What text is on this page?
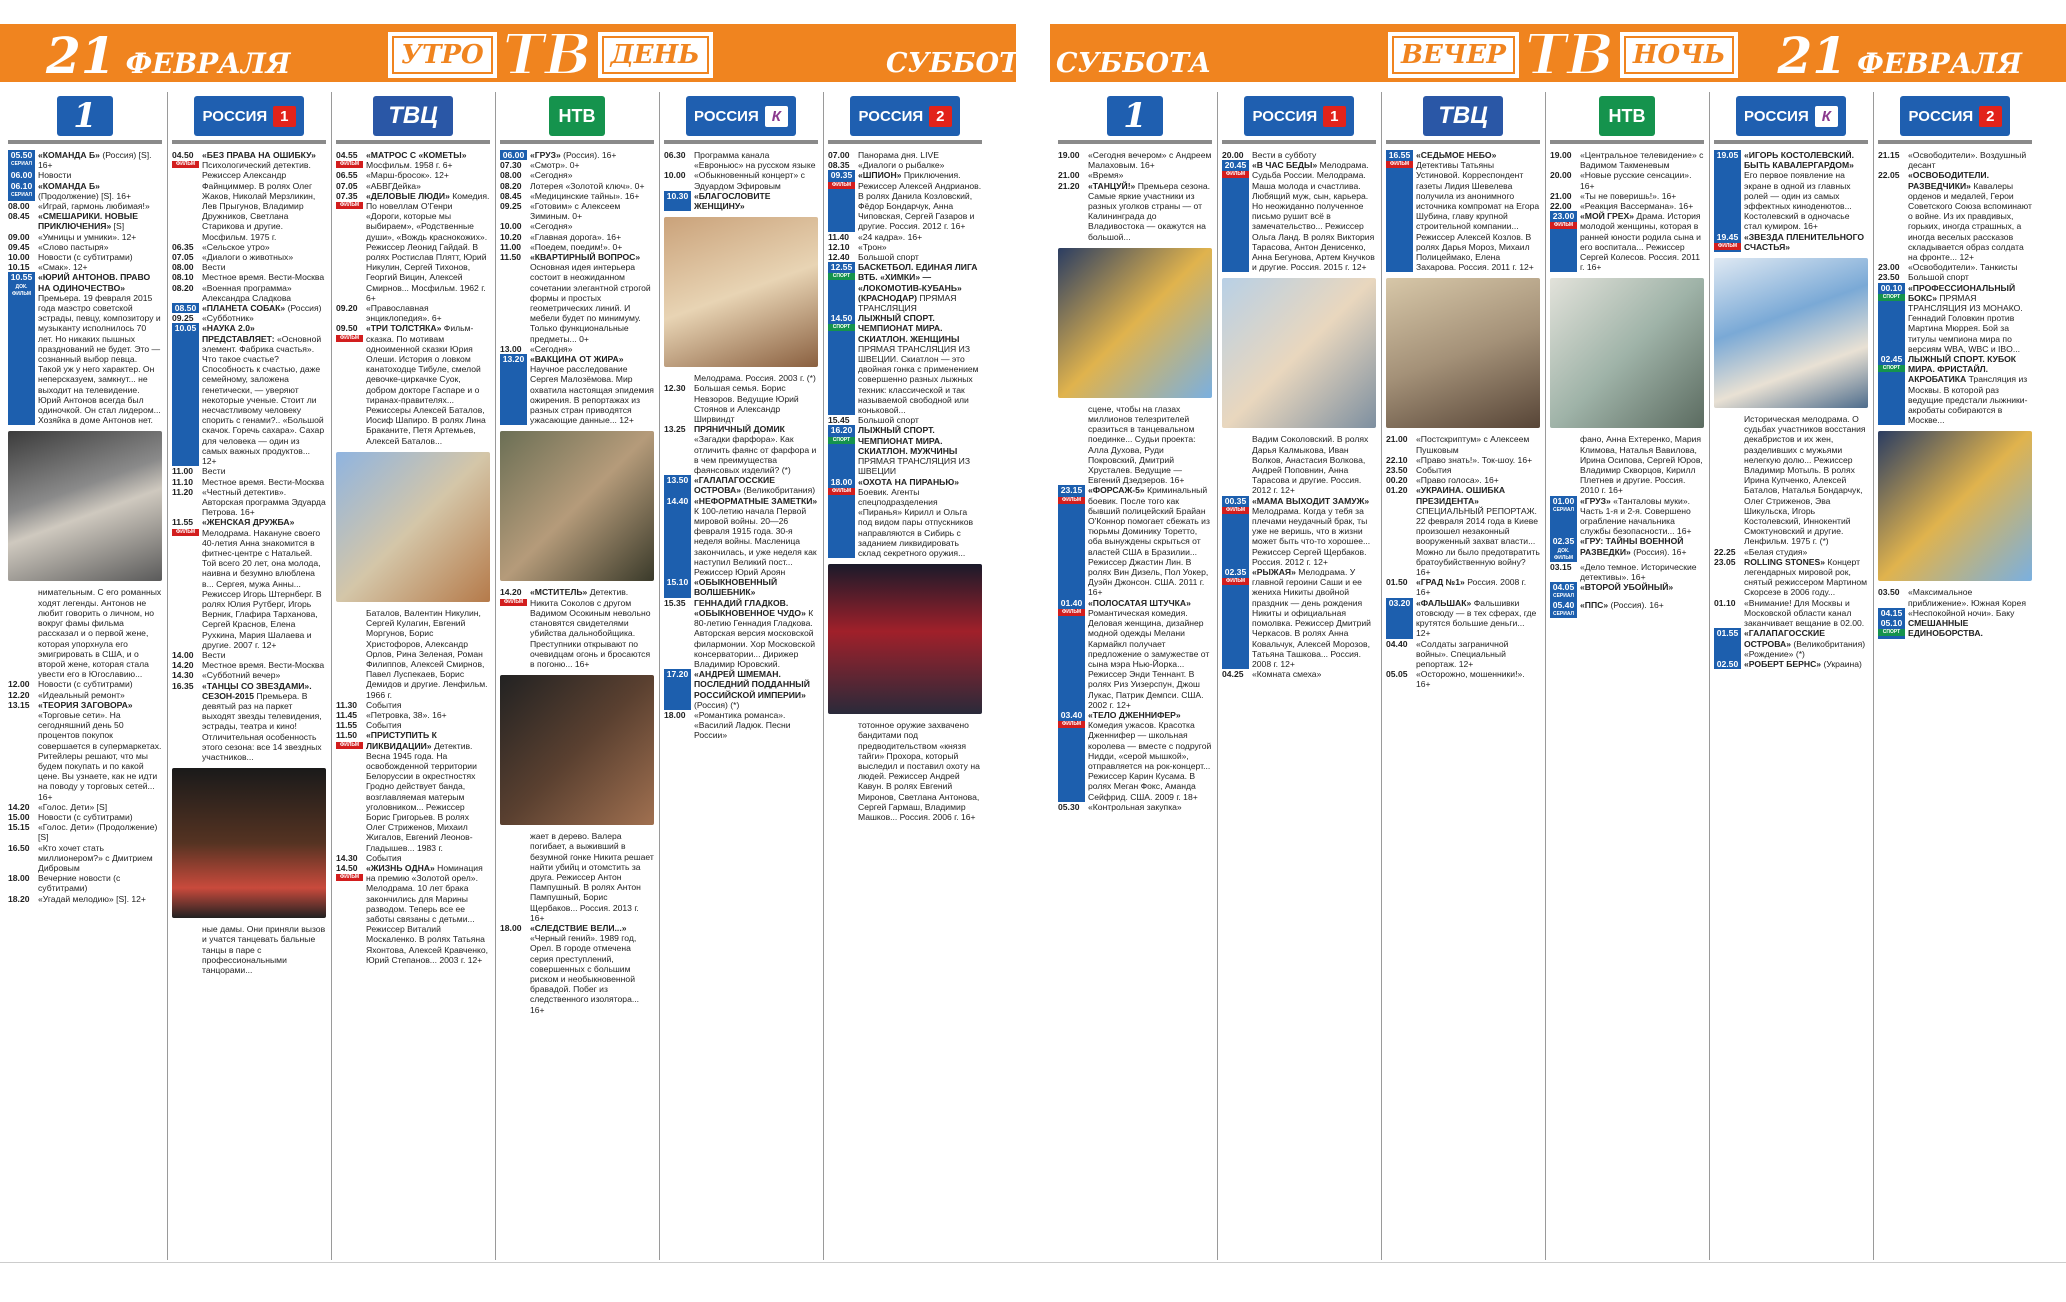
21 ФЕВРАЛЯ	21 ФЕВРАЛЯ
СУББОТА СУББОТА
УТРО ТВ ДЕНЬ	ВЕЧЕР ТВ НОЧЬ
1
05.50
СЕРИАЛ
«КОМАНДА Б» (Россия) [S]. 16+
06.00 Новости
06.10
СЕРИАЛ
«КОМАНДА Б» (Продолжение) [S]. 16+
08.00 «Играй, гармонь любимая!»
08.45 «СМЕШАРИКИ. НОВЫЕ ПРИКЛЮЧЕНИЯ» [S]
09.00 «Умницы и умники». 12+
09.45 «Слово пастыря»
10.00 Новости (с субтитрами)
10.15 «Смак». 12+
10.55
ДОК. ФИЛЬМ
«ЮРИЙ АНТОНОВ. ПРАВО НА ОДИНОЧЕСТВО» Премьера. 19 февраля 2015 года маэстро советской эстрады, певцу, композитору и музыканту исполнилось 70 лет. Но никаких пышных празднований не будет. Это — сознанный выбор певца. Такой уж у него характер. Он неперсказуем, замкнут... не выходит на телевидение. Юрий Антонов всегда был одиночкой. Он стал лидером... Хозяйка в доме Антонов нет.
нимательным. С его романных ходят легенды. Антонов не любит говорить о личном, но вокруг фамы фильма рассказал и о первой жене, которая упорхнула его эмигрировать в США, и о второй жене, которая стала увести его в Югославию...
12.00 Новости (с субтитрами)
12.20 «Идеальный ремонт»
13.15 «ТЕОРИЯ ЗАГОВОРА» «Торговые сети». На сегодняшний день 50 процентов покупок совершается в супермаркетах. Ритейлеры решают, что мы будем покупать и по какой цене. Вы узнаете, как не идти на поводу у торговых сетей... 16+
14.20 «Голос. Дети» [S]
15.00 Новости (с субтитрами)
15.15 «Голос. Дети» (Продолжение) [S]
16.50 «Кто хочет стать миллионером?» с Дмитрием Дибровым
18.00 Вечерние новости (с субтитрами)
18.20 «Угадай мелодию» [S]. 12+
РОССИЯ 1
04.50
ФИЛЬМ
«БЕЗ ПРАВА НА ОШИБКУ» Психологический детектив. Режиссер Александр Файнциммер. В ролях Олег Жаков, Николай Мерзликин, Лев Прыгунов, Владимир Дружников, Светлана Старикова и другие. Мосфильм. 1975 г.
06.35 «Сельское утро»
07.05 «Диалоги о животных»
08.00 Вести
08.10 Местное время. Вести-Москва
08.20 «Военная программа» Александра Сладкова
08.50 «ПЛАНЕТА СОБАК» (Россия)
09.25 «Субботник»
10.05 «НАУКА 2.0» ПРЕДСТАВЛЯЕТ: «Основной элемент. Фабрика счастья». Что такое счастье? Способность к счастью, даже семейному, заложена генетически, — уверяют некоторые ученые. Стоит ли несчастливому человеку спорить с генами?.. «Большой скачок. Горечь сахара». Сахар для человека — один из самых важных продуктов... 12+
11.00	Вести
11.10	Местное время. Вести-Москва
11.20	«Честный детектив». Авторская программа Эдуарда Петрова. 16+
11.55
ФИЛЬМ
«ЖЕНСКАЯ ДРУЖБА» Мелодрама. Накануне своего 40-летия Анна знакомится в фитнес-центре с Натальей. Той всего 20 лет, она молода, наивна и безумно влюблена в... Сергея, мужа Анны... Режиссер Игорь Штернберг. В ролях Юлия Рутберг, Игорь Верник, Глафира Тарханова, Сергей Краснов, Елена Рухкина, Мария Шалаева и другие. 2007 г. 12+
14.00 Вести
14.20 Местное время. Вести-Москва
14.30 «Субботний вечер»
16.35 «ТАНЦЫ СО ЗВЕЗДАМИ». СЕЗОН-2015 Премьера. В девятый раз на паркет выходят звезды телевидения, эстрады, театра и кино! Отличительная особенность этого сезона: все 14 звездных участников...
ные дамы. Они приняли вызов и учатся танцевать бальные танцы в паре с профессиональными танцорами...
ТВЦ
04.55
ФИЛЬМ
«МАТРОС С «КОМЕТЫ» Мосфильм. 1958 г. 6+
06.55 «Марш-бросок». 12+
07.05 «АБВГДейка»
07.35
ФИЛЬМ
«ДЕЛОВЫЕ ЛЮДИ» Комедия. По новеллам О'Генри «Дороги, которые мы выбираем», «Родственные души», «Вождь краснокожих». Режиссер Леонид Гайдай. В ролях Ростислав Плятт, Юрий Никулин, Сергей Тихонов, Георгий Вицин, Алексей Смирнов... Мосфильм. 1962 г. 6+
09.20 «Православная энциклопедия». 6+
09.50
ФИЛЬМ
«ТРИ ТОЛСТЯКА» Фильм-сказка. По мотивам одноименной сказки Юрия Олеши. История о ловком канатоходце Тибуле, смелой девочке-циркачке Суок, добром докторе Гаспаре и о тиранах-правителях... Режиссеры Алексей Баталов, Иосиф Шапиро. В ролях Лина Браканите, Петя Артемьев, Алексей Баталов...
Баталов, Валентин Никулин, Сергей Кулагин, Евгений Моргунов, Борис Христофоров, Александр Орлов, Рина Зеленая, Роман Филиппов, Алексей Смирнов, Павел Луспекаев, Борис Демидов и другие. Ленфильм. 1966 г.
11.30	События
11.45	«Петровка, 38». 16+
11.55	События
11.50
ФИЛЬМ
«ПРИСТУПИТЬ К ЛИКВИДАЦИИ» Детектив. Весна 1945 года. На освобожденной территории Белоруссии в окрестностях Гродно действует банда, возглавляемая матерым уголовником... Режиссер Борис Григорьев. В ролях Олег Стриженов, Михаил Жигалов, Евгений Леонов-Гладышев... 1983 г.
14.30 События
14.50
ФИЛЬМ
«ЖИЗНЬ ОДНА» Номинация на премию «Золотой орел». Мелодрама. 10 лет брака закончились для Марины разводом. Теперь все ее заботы связаны с детьми... Режиссер Виталий Москаленко. В ролях Татьяна Яхонтова, Алексей Кравченко, Юрий Степанов... 2003 г. 12+
НТВ
06.00 «ГРУЗ» (Россия). 16+
07.30 «Смотр». 0+
08.00 «Сегодня»
08.20 Лотерея «Золотой ключ». 0+
08.45 «Медицинские тайны». 16+
09.25 «Готовим» с Алексеем Зиминым. 0+
10.00 «Сегодня»
10.20 «Главная дорога». 16+
11.00	«Поедем, поедим!». 0+
11.50	«КВАРТИРНЫЙ ВОПРОС» Основная идея интерьера состоит в неожиданном сочетании элегантной строгой формы и простых геометрических линий. И мебели будет по минимуму. Только функциональные предметы... 0+
13.00 «Сегодня»
13.20 «ВАКЦИНА ОТ ЖИРА» Научное расследование Сергея Малозёмова. Мир охватила настоящая эпидемия ожирения. В репортажах из разных стран приводятся ужасающие данные... 12+
14.20
ФИЛЬМ
«МСТИТЕЛЬ» Детектив. Никита Соколов с другом Вадимом Осокиным невольно становятся свидетелями убийства дальнобойщика. Преступники открывают по очевидцам огонь и бросаются в погоню... 16+
жает в дерево. Валера погибает, а выживший в безумной гонке Никита решает найти убийц и отомстить за друга. Режиссер Антон Пампушный. В ролях Антон Пампушный, Борис Щербаков... Россия. 2013 г. 16+
18.00 «СЛЕДСТВИЕ ВЕЛИ...» «Черный гений». 1989 год, Орел. В городе отмечена серия преступлений, совершенных с большим риском и необыкновенной бравадой. Побег из следственного изолятора... 16+
РОССИЯ К
06.30 Программа канала «Евроньюс» на русском языке
10.00 «Обыкновенный концерт» с Эдуардом Эфировым
10.30 «БЛАГОСЛОВИТЕ ЖЕНЩИНУ»
Мелодрама. Россия. 2003 г. (*)
12.30 Большая семья. Борис Невзоров. Ведущие Юрий Стоянов и Александр Ширвиндт
13.25 ПРЯНИЧНЫЙ ДОМИК «Загадки фарфора». Как отличить фаянс от фарфора и в чем преимущества фаянсовых изделий? (*)
13.50 «ГАЛАПАГОССКИЕ ОСТРОВА» (Великобритания)
14.40 «НЕФОРМАТНЫЕ ЗАМЕТКИ» К 100-летию начала Первой мировой войны. 20—26 февраля 1915 года. 30-я неделя войны. Масленица закончилась, и уже неделя как наступил Великий пост... Режиссер Юрий Ароян
15.10 «ОБЫКНОВЕННЫЙ ВОЛШЕБНИК»
15.35 ГЕННАДИЙ ГЛАДКОВ. «ОБЫКНОВЕННОЕ ЧУДО» К 80-летию Геннадия Гладкова. Авторская версия московской филармонии. Хор Московской консерватории... Дирижер Владимир Юровский.
17.20 «АНДРЕЙ ШМЕМАН. ПОСЛЕДНИЙ ПОДДАННЫЙ РОССИЙСКОЙ ИМПЕРИИ» (Россия) (*)
18.00 «Романтика романса». «Василий Ладюк. Песни России»
РОССИЯ 2
07.00 Панорама дня. LIVE
08.35 «Диалоги о рыбалке»
09.35
ФИЛЬМ
«ШПИОН» Приключения. Режиссер Алексей Андрианов. В ролях Данила Козловский, Фёдор Бондарчук, Анна Чиповская, Сергей Газаров и другие. Россия. 2012 г. 16+
11.40	«24 кадра». 16+
12.10 «Трон»
12.40 Большой спорт
12.55
СПОРТ
БАСКЕТБОЛ. ЕДИНАЯ ЛИГА ВТБ. «ХИМКИ» — «ЛОКОМОТИВ-КУБАНЬ» (КРАСНОДАР) ПРЯМАЯ ТРАНСЛЯЦИЯ
14.50
СПОРТ
ЛЫЖНЫЙ СПОРТ. ЧЕМПИОНАТ МИРА. СКИАТЛОН. ЖЕНЩИНЫ ПРЯМАЯ ТРАНСЛЯЦИЯ ИЗ ШВЕЦИИ. Скиатлон — это двойная гонка с применением совершенно разных лыжных техник: классической и так называемой свободной или коньковой...
15.45 Большой спорт
16.20
СПОРТ
ЛЫЖНЫЙ СПОРТ. ЧЕМПИОНАТ МИРА. СКИАТЛОН. МУЖЧИНЫ ПРЯМАЯ ТРАНСЛЯЦИЯ ИЗ ШВЕЦИИ
18.00
ФИЛЬМ
«ОХОТА НА ПИРАНЬЮ» Боевик. Агенты спецподразделения «Пиранья» Кирилл и Ольга под видом пары отпускников направляются в Сибирь с заданием ликвидировать склад секретного оружия...
тотонное оружие захвачено бандитами под предводительством «князя тайги» Прохора, который выследил и поставил охоту на людей. Режиссер Андрей Кавун. В ролях Евгений Миронов, Светлана Антонова, Сергей Гармаш, Владимир Машков... Россия. 2006 г. 16+
1
19.00 «Сегодня вечером» с Андреем Малаховым. 16+
21.00 «Время»
21.20 «ТАНЦУЙ!» Премьера сезона. Самые яркие участники из разных уголков страны — от Калининграда до Владивостока — окажутся на большой...
сцене, чтобы на глазах миллионов телезрителей сразиться в танцевальном поединке... Судьи проекта: Алла Духова, Руди Покровский, Дмитрий Хрусталев. Ведущие — Евгений Дзедзеров. 16+
23.15
ФИЛЬМ
«ФОРСАЖ-5» Криминальный боевик. После того как бывший полицейский Брайан О'Коннор помогает сбежать из тюрьмы Доминику Торетто, оба вынуждены скрыться от властей США в Бразилии... Режиссер Джастин Лин. В ролях Вин Дизель, Пол Уокер, Дуэйн Джонсон. США. 2011 г. 16+
01.40
ФИЛЬМ
«ПОЛОСАТАЯ ШТУЧКА» Романтическая комедия. Деловая женщина, дизайнер модной одежды Мелани Кармайкл получает предложение о замужестве от сына мэра Нью-Йорка... Режиссер Энди Теннант. В ролях Риз Уизерспун, Джош Лукас, Патрик Демпси. США. 2002 г. 12+
03.40
ФИЛЬМ
«ТЕЛО ДЖЕННИФЕР» Комедия ужасов. Красотка Дженнифер — школьная королева — вместе с подругой Нидди, «серой мышкой», отправляется на рок-концерт... Режиссер Карин Кусама. В ролях Меган Фокс, Аманда Сейфрид. США. 2009 г. 18+
05.30 «Контрольная закупка»
РОССИЯ 1
20.00 Вести в субботу
20.45
ФИЛЬМ
«В ЧАС БЕДЫ» Мелодрама. Судьба России. Мелодрама. Маша молода и счастлива. Любящий муж, сын, карьера. Но неожиданно полученное письмо рушит всё в замечательство... Режиссер Ольга Ланд. В ролях Виктория Тарасова, Антон Денисенко, Анна Бегунова, Артем Кнучков и другие. Россия. 2015 г. 12+
Вадим Соколовский. В ролях Дарья Калмыкова, Иван Волков, Анастасия Волкова, Андрей Поповнин, Анна Тарасова и другие. Россия. 2012 г. 12+
00.35
ФИЛЬМ
«МАМА ВЫХОДИТ ЗАМУЖ» Мелодрама. Когда у тебя за плечами неудачный брак, ты уже не веришь, что в жизни может быть что-то хорошее... Режиссер Сергей Щербаков. Россия. 2012 г. 12+
02.35
ФИЛЬМ
«РЫЖАЯ» Мелодрама. У главной героини Саши и ее женихa Никиты двойной праздник — день рождения Никиты и официальная помолвка. Режиссер Дмитрий Черкасов. В ролях Анна Ковальчук, Алексей Морозов, Татьяна Ташкова... Россия. 2008 г. 12+
04.25 «Комната смеха»
ТВЦ
16.55
ФИЛЬМ
«СЕДЬМОЕ НЕБО» Детективы Татьяны Устиновой. Корреспондент газеты Лидия Шевелева получила из анонимного источника компромат на Егора Шубина, главу крупной строительной компании... Режиссер Алексей Козлов. В ролях Дарья Мороз, Михаил Полицеймако, Елена Захарова. Россия. 2011 г. 12+
21.00 «Постскриптум» с Алексеем Пушковым
22.10 «Право знать!». Ток-шоу. 16+
23.50 События
00.20 «Право голоса». 16+
01.20 «УКРАИНА. ОШИБКА ПРЕЗИДЕНТА» СПЕЦИАЛЬНЫЙ РЕПОРТАЖ. 22 февраля 2014 года в Киеве произошел незаконный вооруженный захват власти... Можно ли было предотвратить братоубийственную войну? 16+
01.50 «ГРАД №1» Россия. 2008 г. 16+
03.20 «ФАЛЬШАК» Фальшивки отовсюду — в тех сферах, где крутятся большие деньги... 12+
04.40 «Солдаты заграничной войны». Специальный репортаж. 12+
05.05 «Осторожно, мошенники!». 16+
НТВ
19.00 «Центральное телевидение» с Вадимом Такменевым
20.00 «Новые русские сенсации». 16+
21.00 «Ты не поверишь!». 16+
22.00 «Реакция Вассермана». 16+
23.00
ФИЛЬМ
«МОЙ ГРЕХ» Драма. История молодой женщины, которая в ранней юности родила сына и его воспитала... Режиссер Сергей Колесов. Россия. 2011 г. 16+
фано, Анна Ехтеренко, Мария Климова, Наталья Вавилова, Ирина Осипова, Сергей Юров, Владимир Скворцов, Кирилл Плетнев и другие. Россия. 2010 г. 16+
01.00
СЕРИАЛ
«ГРУЗ» «Танталовы муки». Часть 1-я и 2-я. Совершено ограбление начальника службы безопасности... 16+
02.35
ДОК. ФИЛЬМ
«ГРУ: ТАЙНЫ ВОЕННОЙ РАЗВЕДКИ» (Россия). 16+
03.15 «Дело темное. Исторические детективы». 16+
04.05
СЕРИАЛ
«ВТОРОЙ УБОЙНЫЙ»
05.40
СЕРИАЛ
«ППС» (Россия). 16+
РОССИЯ К
19.05 «ИГОРЬ КОСТОЛЕВСКИЙ. БЫТЬ КАВАЛЕРГАРДОМ» Его первое появление на экране в одной из главных ролей — один из самых эффектных киноденютов... Костолевский в одночасье стал кумиром. 16+
19.45
ФИЛЬМ
«ЗВЕЗДА ПЛЕНИТЕЛЬНОГО СЧАСТЬЯ»
Историческая мелодрама. О судьбах участников восстания декабристов и их жен, разделивших с мужьями нелегкую долю... Режиссер Владимир Мотыль. В ролях Ирина Купченко, Алексей Баталов, Наталья Бондарчук, Олег Стриженов, Эва Шикульска, Игорь Костолевский, Иннокентий Смоктуновский и другие. Ленфильм. 1975 г. (*)
22.25 «Белая студия»
23.05 ROLLING STONES» Концерт легендарных мировой рок, снятый режиссером Мартином Скорсезе в 2006 году...
01.10 «Внимание! Для Москвы и Московской области канал заканчивает вещание в 02.00.
01.55 «ГАЛАПАГОССКИЕ ОСТРОВА» (Великобритания) «Рождение» (*)
02.50 «РОБЕРТ БЕРНС» (Украина)
РОССИЯ 2
21.15 «Освободители». Воздушный десант
22.05 «ОСВОБОДИТЕЛИ. РАЗВЕДЧИКИ» Кавалеры орденов и медалей, Герои Советского Союза вспоминают о войне. Из их правдивых, горьких, иногда страшных, а иногда веселых рассказов складывается образ солдата на фронте... 12+
23.00 «Освободители». Танкисты
23.50 Большой спорт
00.10
СПОРТ
«ПРОФЕССИОНАЛЬНЫЙ БОКС» ПРЯМАЯ ТРАНСЛЯЦИЯ ИЗ МОНАКО. Геннадий Головкин против Мартина Мюррея. Бой за титулы чемпиона мира по версиям WBA, WBC и IBO...
02.45
СПОРТ
ЛЫЖНЫЙ СПОРТ. КУБОК МИРА. ФРИСТАЙЛ. АКРОБАТИКА Трансляция из Москвы. В которой раз ведущие предстали лыжники-акробаты собираются в Москве...
03.50 «Максимальное приближение». Южная Корея
04.15 «Неспокойной ночи». Баку
05.10
СПОРТ
СМЕШАННЫЕ ЕДИНОБОРСТВА.
